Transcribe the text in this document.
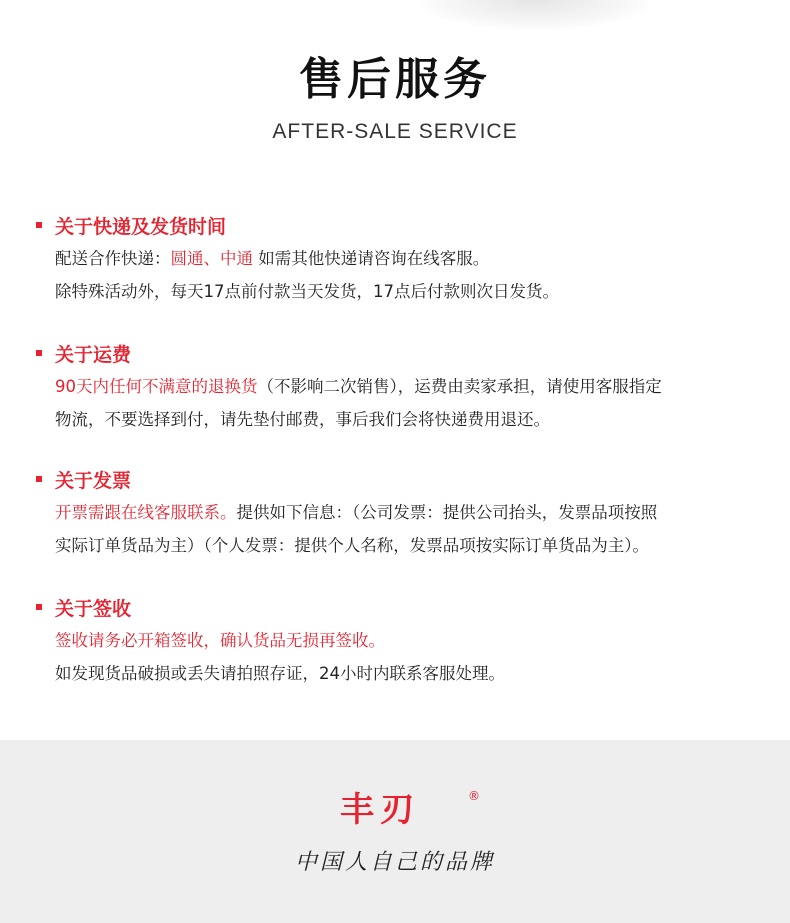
售后服务
AFTER-SALE SERVICE
关于快递及发货时间
配送合作快递：圆通、中通 如需其他快递请咨询在线客服。
除特殊活动外，每天17点前付款当天发货，17点后付款则次日发货。
关于运费
90天内任何不满意的退换货（不影响二次销售），运费由卖家承担，请使用客服指定
物流，不要选择到付，请先垫付邮费，事后我们会将快递费用退还。
关于发票
开票需跟在线客服联系。提供如下信息：（公司发票：提供公司抬头，发票品项按照
实际订单货品为主）（个人发票：提供个人名称，发票品项按实际订单货品为主）。
关于签收
签收请务必开箱签收，确认货品无损再签收。
如发现货品破损或丢失请拍照存证，24小时内联系客服处理。
丰刃	®
中国人自己的品牌
